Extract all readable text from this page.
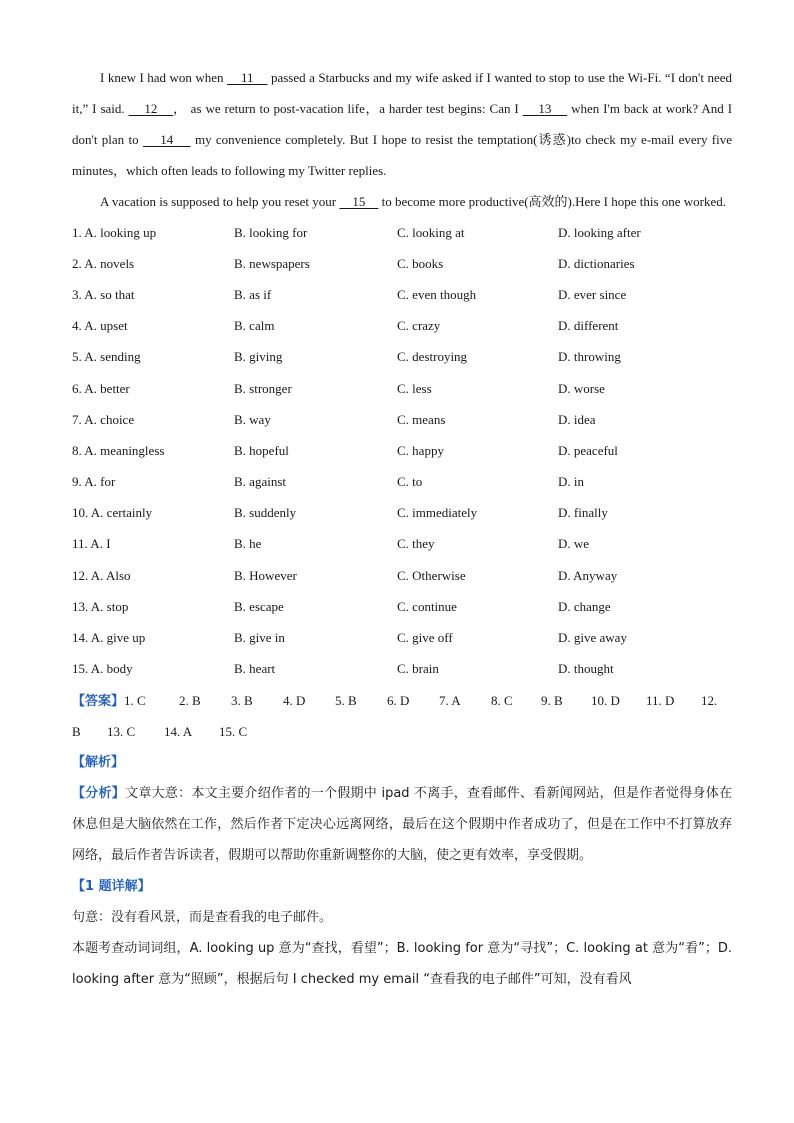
I knew I had won when     11     passed a Starbucks and my wife asked if I wanted to stop to use the Wi-Fi. “I don't need it,” I said.     12    ， as we return to post-vacation life，a harder test begins: Can I     13     when I'm back at work? And I don't plan to     14     my convenience completely. But I hope to resist the temptation(诱惑)to check my e-mail every five minutes，which often leads to following my Twitter replies.

A vacation is supposed to help you reset your     15     to become more productive(高效的).Here I hope this one worked.

1. A. looking up	B. looking for	C. looking at	D. looking after
2. A. novels	B. newspapers	C. books	D. dictionaries
3. A. so that	B. as if	C. even though	D. ever since
4. A. upset	B. calm	C. crazy	D. different
5. A. sending	B. giving	C. destroying	D. throwing
6. A. better	B. stronger	C. less	D. worse
7. A. choice	B. way	C. means	D. idea
8. A. meaningless	B. hopeful	C. happy	D. peaceful
9. A. for	B. against	C. to	D. in
10. A. certainly	B. suddenly	C. immediately	D. finally
11. A. I	B. he	C. they	D. we
12. A. Also	B. However	C. Otherwise	D. Anyway
13. A. stop	B. escape	C. continue	D. change
14. A. give up	B. give in	C. give off	D. give away
15. A. body	B. heart	C. brain	D. thought
【答案】 1. C	2. B	3. B	4. D	5. B	6. D	7. A	8. C	9. B	10. D	11. D	12.
B	13. C	14. A	15. C
【解析】

【分析】文章大意：本文主要介绍作者的一个假期中 ipad 不离手，查看邮件、看新闻网站，但是作者觉得身体在休息但是大脑依然在工作，然后作者下定决心远离网络，最后在这个假期中作者成功了，但是在工作中不打算放弃网络，最后作者告诉读者，假期可以帮助你重新调整你的大脑，使之更有效率，享受假期。

【1 题详解】

句意：没有看风景，而是查看我的电子邮件。

本题考查动词词组，A. looking up 意为“查找，看望”；B. looking for 意为“寻找”；C. looking at 意为“看”；D. looking after 意为“照顾”，根据后句 I checked my email “查看我的电子邮件”可知，没有看风
